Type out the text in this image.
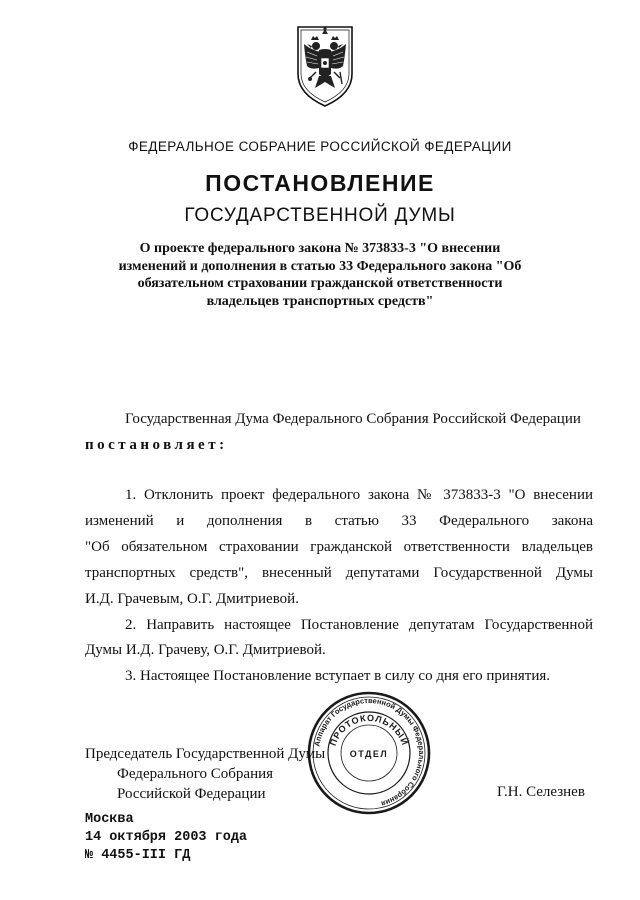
ФЕДЕРАЛЬНОЕ СОБРАНИЕ РОССИЙСКОЙ ФЕДЕРАЦИИ
ПОСТАНОВЛЕНИЕ
ГОСУДАРСТВЕННОЙ ДУМЫ
О проекте федерального закона № 373833-3 "О внесении
изменений и дополнения в статью 33 Федерального закона "Об
обязательном страховании гражданской ответственности
владельцев транспортных средств"
Государственная Дума Федерального Собрания Российской Федерации
постановляет:
1. Отклонить проект федерального закона № 373833-3 "О внесении
изменений и дополнения в статью 33 Федерального закона
"Об обязательном страховании гражданской ответственности владельцев
транспортных средств", внесенный депутатами Государственной Думы
И.Д. Грачевым, О.Г. Дмитриевой.
2. Направить настоящее Постановление депутатам Государственной
Думы И.Д. Грачеву, О.Г. Дмитриевой.
3. Настоящее Постановление вступает в силу со дня его принятия.
Аппарат Государственной Думы Федерального Собрания
ПРОТОКОЛЬНЫЙ
ОТДЕЛ
Председатель Государственной Думы
Федерального Собрания
Российской Федерации	Г.Н. Селезнев
Москва
14 октября 2003 года
№ 4455-III ГД
